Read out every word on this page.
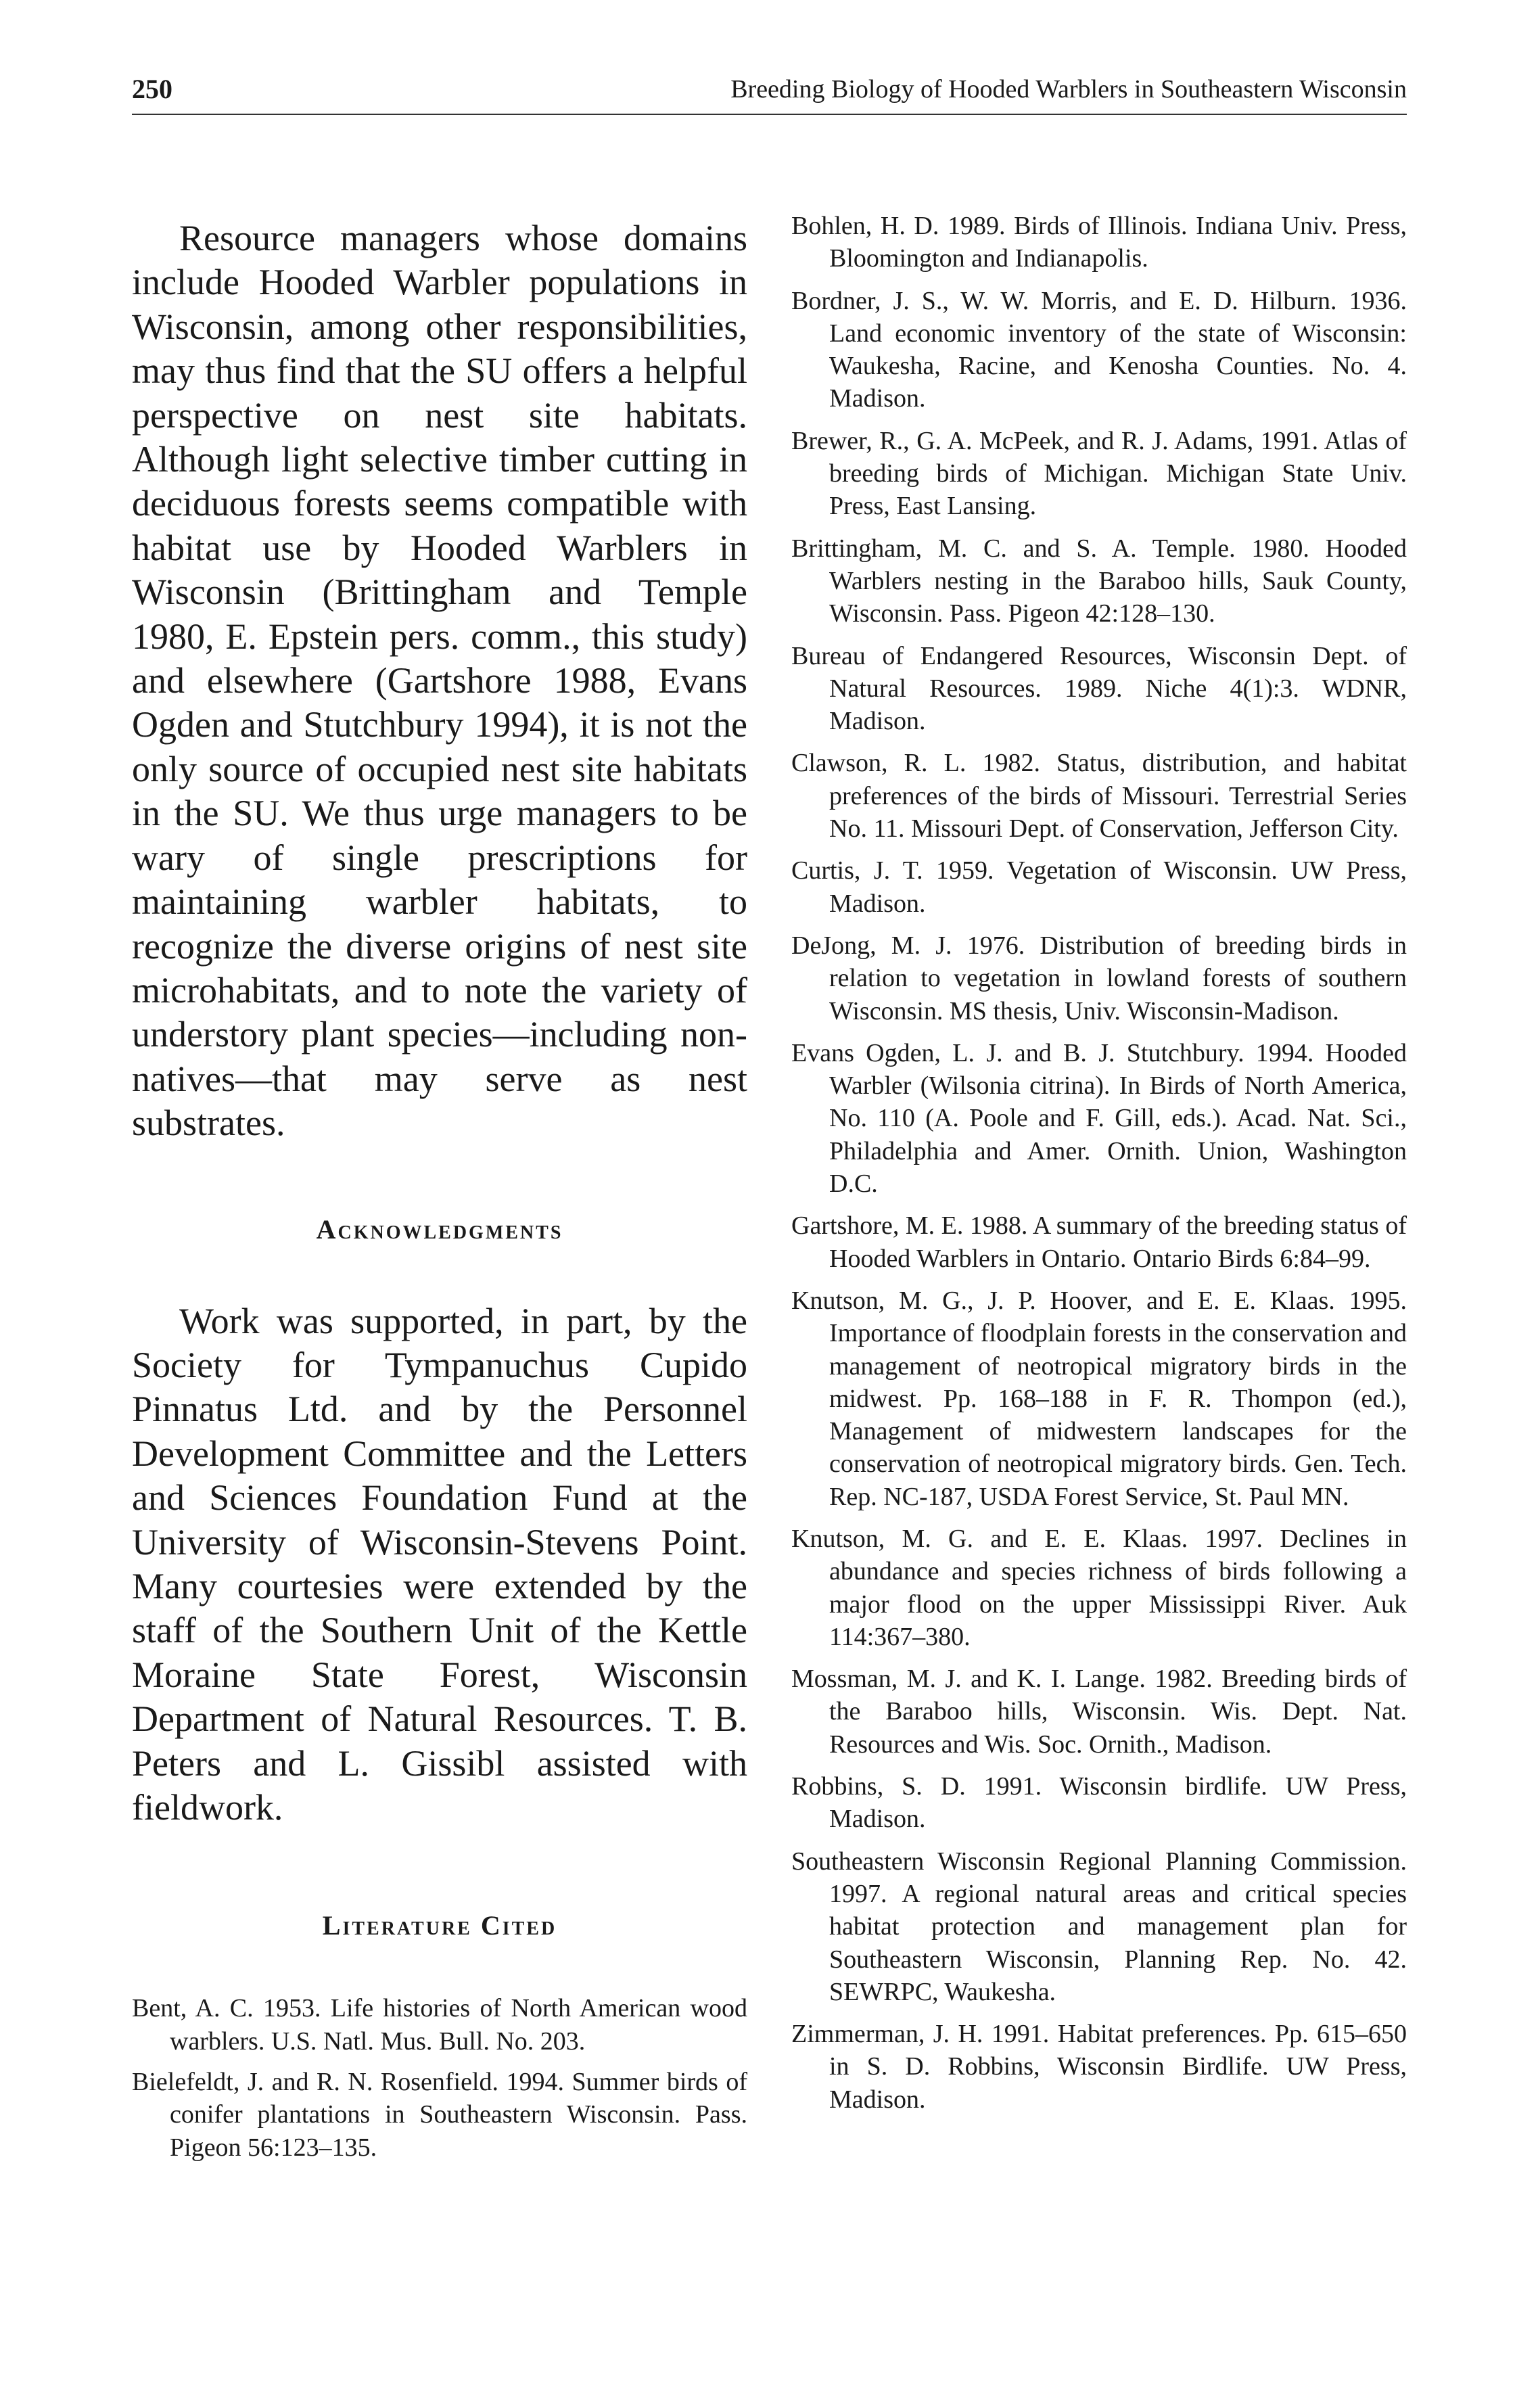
250	Breeding Biology of Hooded Warblers in Southeastern Wisconsin

Resource managers whose domains include Hooded Warbler populations in Wisconsin, among other responsibilities, may thus find that the SU offers a helpful perspective on nest site habitats. Although light selective timber cutting in deciduous forests seems compatible with habitat use by Hooded Warblers in Wisconsin (Brittingham and Temple 1980, E. Epstein pers. comm., this study) and elsewhere (Gartshore 1988, Evans Ogden and Stutchbury 1994), it is not the only source of occupied nest site habitats in the SU. We thus urge managers to be wary of single prescriptions for maintaining warbler habitats, to recognize the diverse origins of nest site microhabitats, and to note the variety of understory plant species—including non-natives—that may serve as nest substrates.

Acknowledgments

Work was supported, in part, by the Society for Tympanuchus Cupido Pinnatus Ltd. and by the Personnel Development Committee and the Letters and Sciences Foundation Fund at the University of Wisconsin-Stevens Point. Many courtesies were extended by the staff of the Southern Unit of the Kettle Moraine State Forest, Wisconsin Department of Natural Resources. T. B. Peters and L. Gissibl assisted with fieldwork.

Literature Cited
Bent, A. C. 1953. Life histories of North American wood warblers. U.S. Natl. Mus. Bull. No. 203.
Bielefeldt, J. and R. N. Rosenfield. 1994. Summer birds of conifer plantations in Southeastern Wisconsin. Pass. Pigeon 56:123–135.
Bohlen, H. D. 1989. Birds of Illinois. Indiana Univ. Press, Bloomington and Indianapolis.
Bordner, J. S., W. W. Morris, and E. D. Hilburn. 1936. Land economic inventory of the state of Wisconsin: Waukesha, Racine, and Kenosha Counties. No. 4. Madison.
Brewer, R., G. A. McPeek, and R. J. Adams, 1991. Atlas of breeding birds of Michigan. Michigan State Univ. Press, East Lansing.
Brittingham, M. C. and S. A. Temple. 1980. Hooded Warblers nesting in the Baraboo hills, Sauk County, Wisconsin. Pass. Pigeon 42:128–130.
Bureau of Endangered Resources, Wisconsin Dept. of Natural Resources. 1989. Niche 4(1):3. WDNR, Madison.
Clawson, R. L. 1982. Status, distribution, and habitat preferences of the birds of Missouri. Terrestrial Series No. 11. Missouri Dept. of Conservation, Jefferson City.
Curtis, J. T. 1959. Vegetation of Wisconsin. UW Press, Madison.
DeJong, M. J. 1976. Distribution of breeding birds in relation to vegetation in lowland forests of southern Wisconsin. MS thesis, Univ. Wisconsin-Madison.
Evans Ogden, L. J. and B. J. Stutchbury. 1994. Hooded Warbler (Wilsonia citrina). In Birds of North America, No. 110 (A. Poole and F. Gill, eds.). Acad. Nat. Sci., Philadelphia and Amer. Ornith. Union, Washington D.C.
Gartshore, M. E. 1988. A summary of the breeding status of Hooded Warblers in Ontario. Ontario Birds 6:84–99.
Knutson, M. G., J. P. Hoover, and E. E. Klaas. 1995. Importance of floodplain forests in the conservation and management of neotropical migratory birds in the midwest. Pp. 168–188 in F. R. Thompon (ed.), Management of midwestern landscapes for the conservation of neotropical migratory birds. Gen. Tech. Rep. NC-187, USDA Forest Service, St. Paul MN.
Knutson, M. G. and E. E. Klaas. 1997. Declines in abundance and species richness of birds following a major flood on the upper Mississippi River. Auk 114:367–380.
Mossman, M. J. and K. I. Lange. 1982. Breeding birds of the Baraboo hills, Wisconsin. Wis. Dept. Nat. Resources and Wis. Soc. Ornith., Madison.
Robbins, S. D. 1991. Wisconsin birdlife. UW Press, Madison.
Southeastern Wisconsin Regional Planning Commission. 1997. A regional natural areas and critical species habitat protection and management plan for Southeastern Wisconsin, Planning Rep. No. 42. SEWRPC, Waukesha.
Zimmerman, J. H. 1991. Habitat preferences. Pp. 615–650 in S. D. Robbins, Wisconsin Birdlife. UW Press, Madison.
